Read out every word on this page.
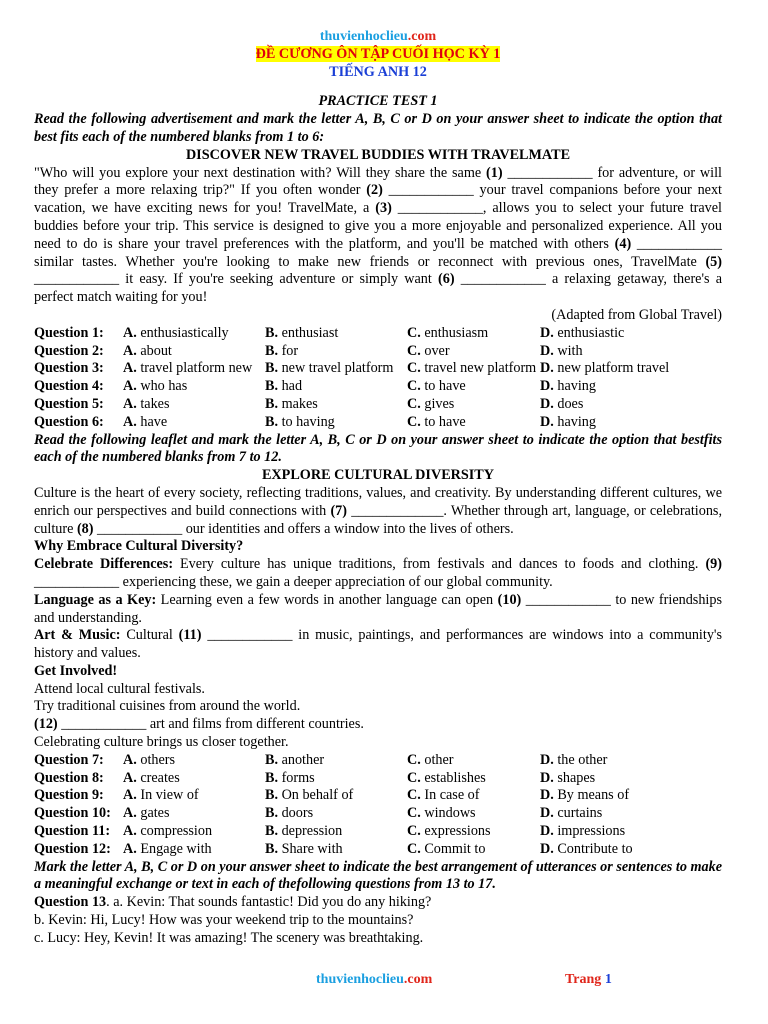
thuvienhoclieu.com
ĐỀ CƯƠNG ÔN TẬP CUỐI HỌC KỲ 1
TIẾNG ANH 12
PRACTICE TEST 1
Read the following advertisement and mark the letter A, B, C or D on your answer sheet to indicate the option that best fits each of the numbered blanks from 1 to 6:
DISCOVER NEW TRAVEL BUDDIES WITH TRAVELMATE
"Who will you explore your next destination with? Will they share the same (1) ____________ for adventure, or will they prefer a more relaxing trip?" If you often wonder (2) ____________ your travel companions before your next vacation, we have exciting news for you! TravelMate, a (3) ____________, allows you to select your future travel buddies before your trip. This service is designed to give you a more enjoyable and personalized experience. All you need to do is share your travel preferences with the platform, and you'll be matched with others (4) ____________ similar tastes. Whether you're looking to make new friends or reconnect with previous ones, TravelMate (5) ____________ it easy. If you're seeking adventure or simply want (6) ____________ a relaxing getaway, there's a perfect match waiting for you!
(Adapted from Global Travel)
Question 1:	A. enthusiastically	B. enthusiast	C. enthusiasm	D. enthusiastic
Question 2:	A. about	B. for	C. over	D. with
Question 3:	A. travel platform new B. new travel platform C. travel new platform D. new platform travel
Question 4:	A. who has	B. had	C. to have	D. having
Question 5:	A. takes	B. makes	C. gives	D. does
Question 6:	A. have	B. to having	C. to have	D. having
Read the following leaflet and mark the letter A, B, C or D on your answer sheet to indicate the option that bestfits each of the numbered blanks from 7 to 12.
EXPLORE CULTURAL DIVERSITY
Culture is the heart of every society, reflecting traditions, values, and creativity. By understanding different cultures, we enrich our perspectives and build connections with (7) _____________. Whether through art, language, or celebrations, culture (8) ____________ our identities and offers a window into the lives of others.
Why Embrace Cultural Diversity?
Celebrate Differences: Every culture has unique traditions, from festivals and dances to foods and clothing. (9) ____________ experiencing these, we gain a deeper appreciation of our global community.
Language as a Key: Learning even a few words in another language can open (10) ____________ to new friendships and understanding.
Art & Music: Cultural (11) ____________ in music, paintings, and performances are windows into a community's history and values.
Get Involved!
Attend local cultural festivals.
Try traditional cuisines from around the world.
(12) ____________ art and films from different countries.
Celebrating culture brings us closer together.
Question 7:	A. others	B. another	C. other	D. the other
Question 8:	A. creates	B. forms	C. establishes	D. shapes
Question 9:	A. In view of	B. On behalf of	C. In case of	D. By means of
Question 10: A. gates	B. doors	C. windows	D. curtains
Question 11: A. compression	B. depression	C. expressions	D. impressions
Question 12: A. Engage with	B. Share with	C. Commit to	D. Contribute to
Mark the letter A, B, C or D on your answer sheet to indicate the best arrangement of utterances or sentences to make a meaningful exchange or text in each of thefollowing questions from 13 to 17.
Question 13. a. Kevin: That sounds fantastic! Did you do any hiking?
b. Kevin: Hi, Lucy! How was your weekend trip to the mountains?
c. Lucy: Hey, Kevin! It was amazing! The scenery was breathtaking.
thuvienhoclieu.com	Trang 1
